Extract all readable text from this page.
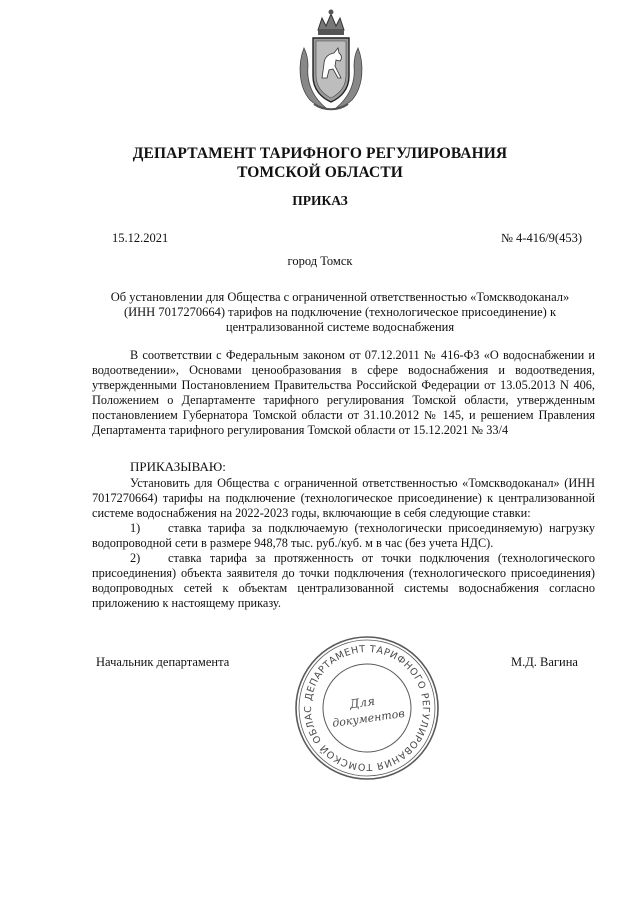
ДЕПАРТАМЕНТ ТАРИФНОГО РЕГУЛИРОВАНИЯ
ТОМСКОЙ ОБЛАСТИ
ПРИКАЗ
15.12.2021	№ 4-416/9(453)
город Томск
Об установлении для Общества с ограниченной ответственностью «Томскводоканал»
(ИНН 7017270664) тарифов на подключение (технологическое присоединение) к
централизованной системе водоснабжения

В соответствии с Федеральным законом от 07.12.2011 № 416-ФЗ «О водоснабжении и водоотведении», Основами ценообразования в сфере водоснабжения и водоотведения, утвержденными Постановлением Правительства Российской Федерации от 13.05.2013 N 406, Положением о Департаменте тарифного регулирования Томской области, утвержденным постановлением Губернатора Томской области от 31.10.2012 № 145, и решением Правления Департамента тарифного регулирования Томской области от 15.12.2021 № 33/4

ПРИКАЗЫВАЮ:

Установить для Общества с ограниченной ответственностью «Томскводоканал» (ИНН 7017270664) тарифы на подключение (технологическое присоединение) к централизованной системе водоснабжения на 2022-2023 годы, включающие в себя следующие ставки:

1) ставка тарифа за подключаемую (технологически присоединяемую) нагрузку водопроводной сети в размере 948,78 тыс. руб./куб. м в час (без учета НДС).

2) ставка тарифа за протяженность от точки подключения (технологического присоединения) объекта заявителя до точки подключения (технологического присоединения) водопроводных сетей к объектам централизованной системы водоснабжения согласно приложению к настоящему приказу.

Начальник департамента	М.Д. Вагина
ДЕПАРТАМЕНТ ТАРИФНОГО РЕГУЛИРОВАНИЯ ТОМСКОЙ ОБЛАС	Для
документов
